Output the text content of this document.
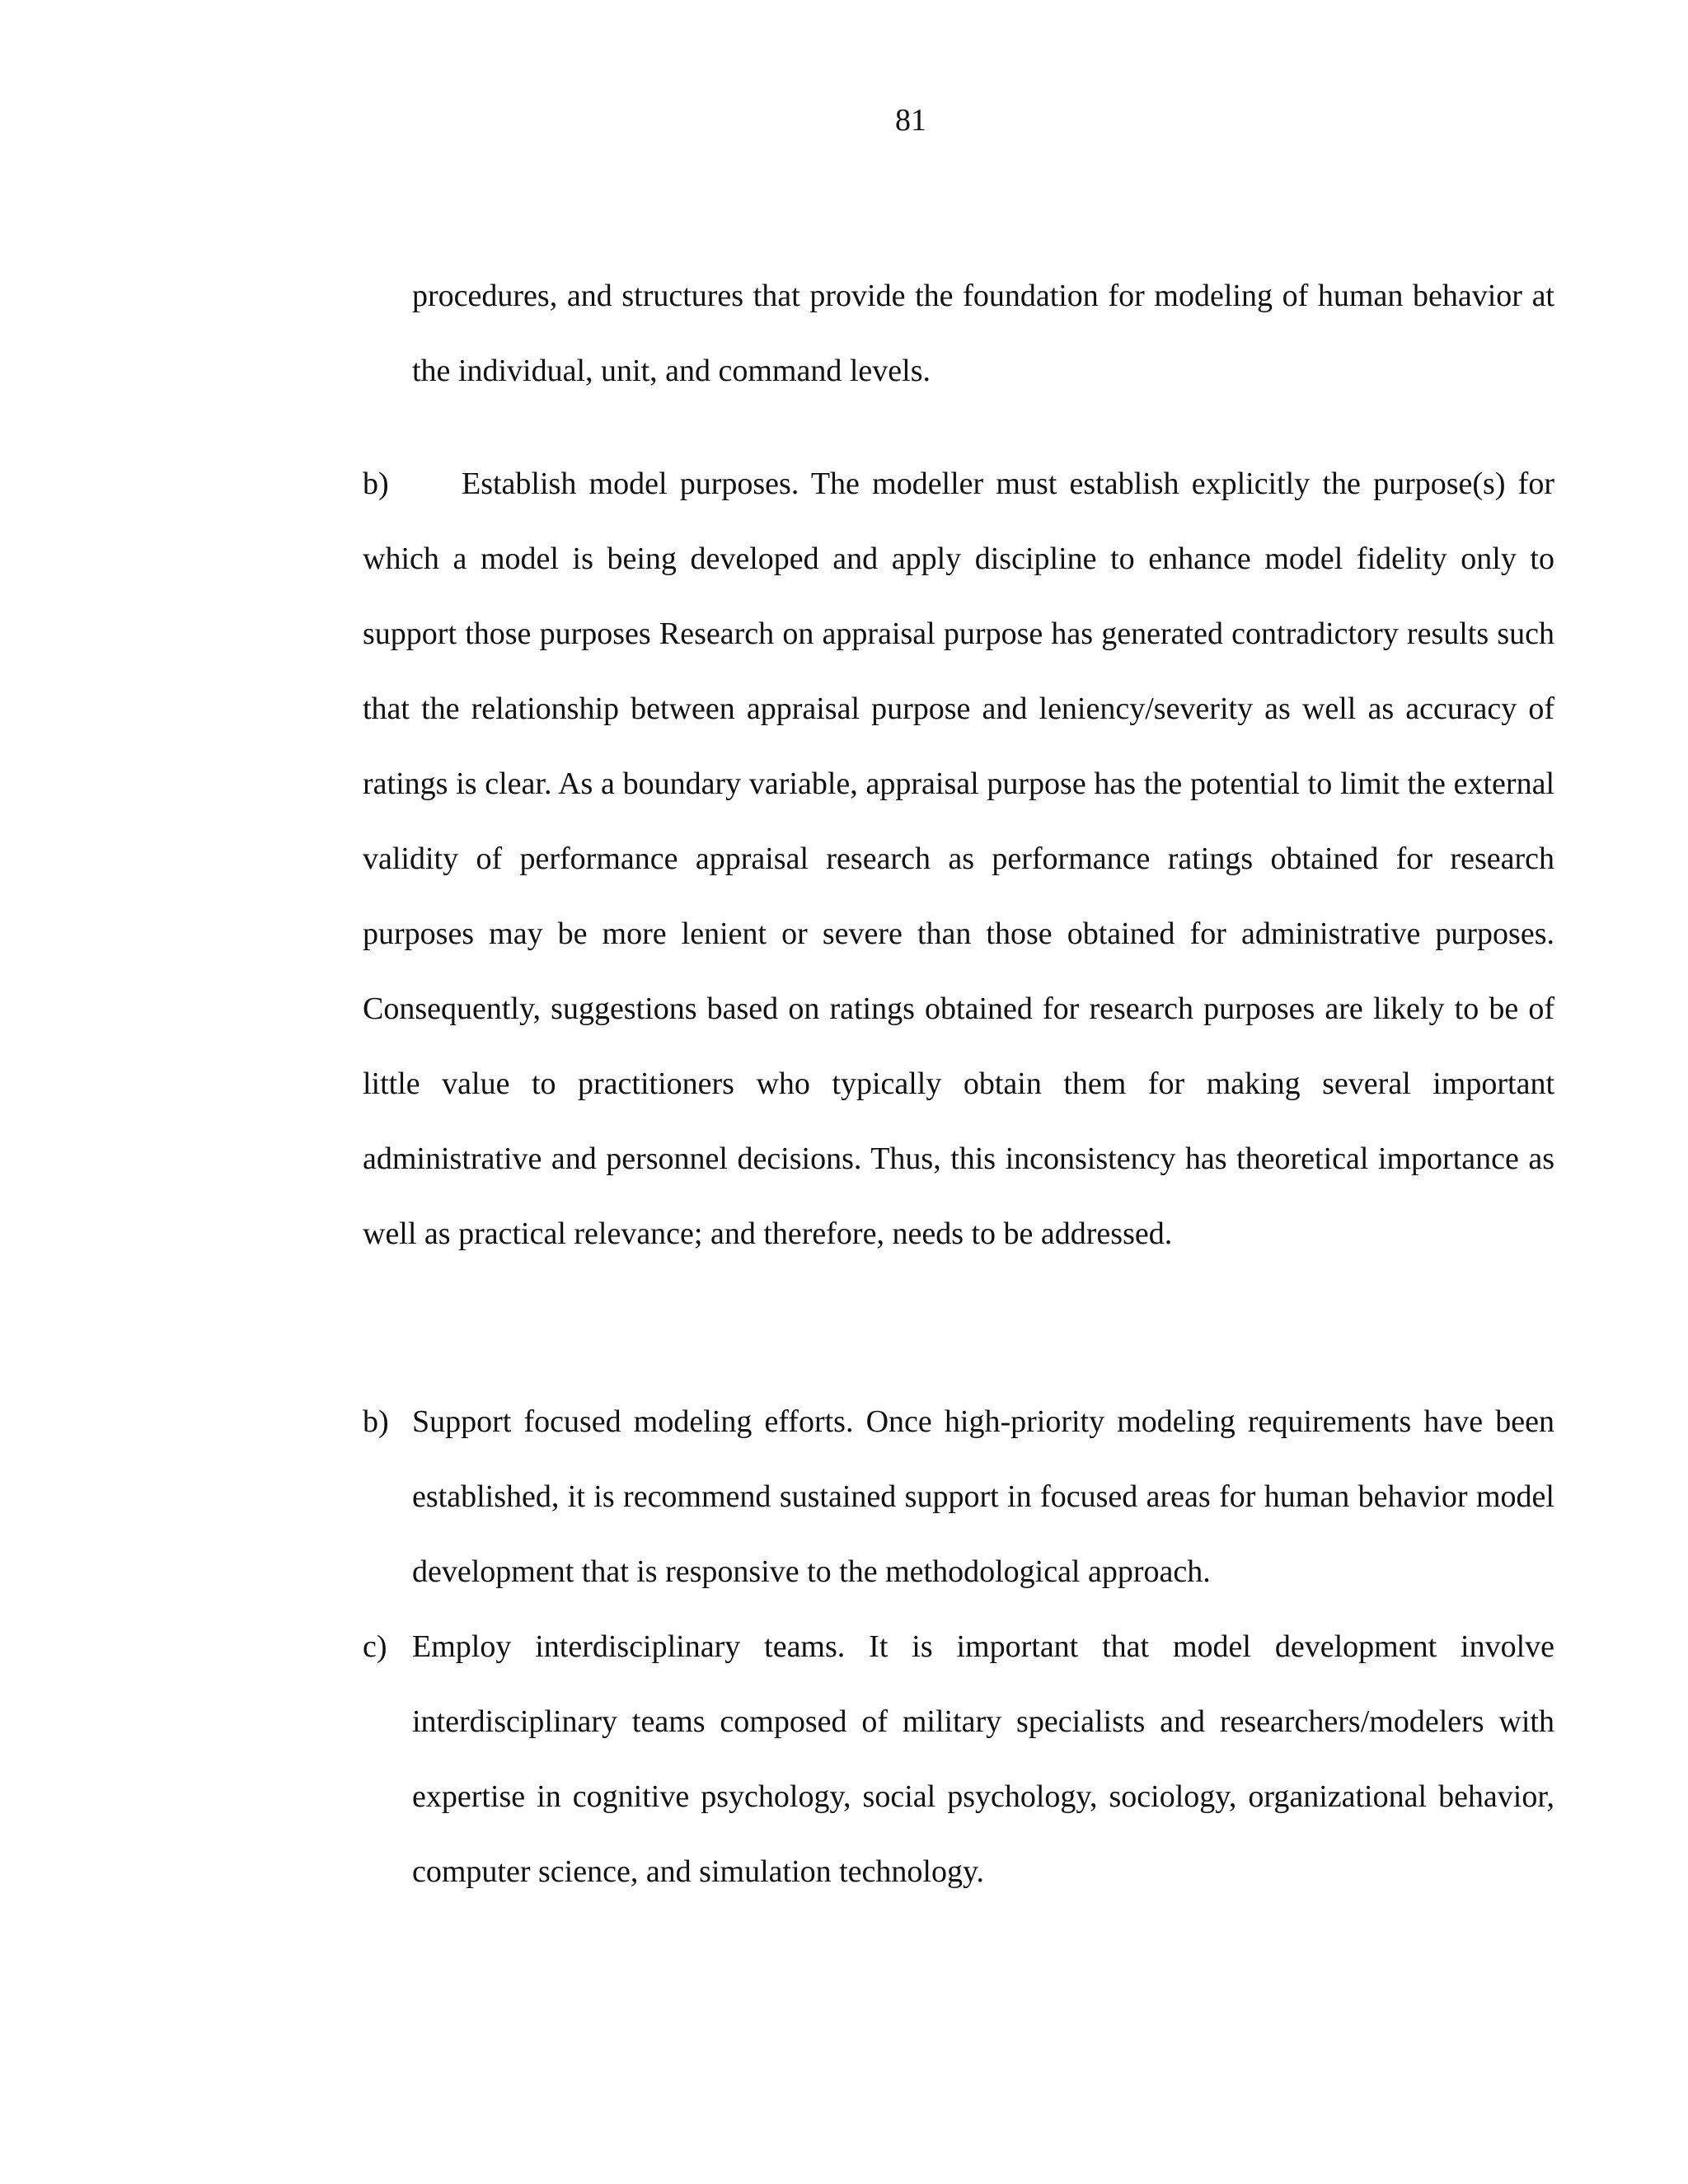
81

procedures, and structures that provide the foundation for modeling of human behavior at the individual, unit, and command levels.

b) Establish model purposes. The modeller must establish explicitly the purpose(s) for which a model is being developed and apply discipline to enhance model fidelity only to support those purposes Research on appraisal purpose has generated contradictory results such that the relationship between appraisal purpose and leniency/severity as well as accuracy of ratings is clear. As a boundary variable, appraisal purpose has the potential to limit the external validity of performance appraisal research as performance ratings obtained for research purposes may be more lenient or severe than those obtained for administrative purposes. Consequently, suggestions based on ratings obtained for research purposes are likely to be of little value to practitioners who typically obtain them for making several important administrative and personnel decisions. Thus, this inconsistency has theoretical importance as well as practical relevance; and therefore, needs to be addressed.

b) Support focused modeling efforts. Once high-priority modeling requirements have been established, it is recommend sustained support in focused areas for human behavior model development that is responsive to the methodological approach.
c) Employ interdisciplinary teams. It is important that model development involve interdisciplinary teams composed of military specialists and researchers/modelers with expertise in cognitive psychology, social psychology, sociology, organizational behavior, computer science, and simulation technology.
